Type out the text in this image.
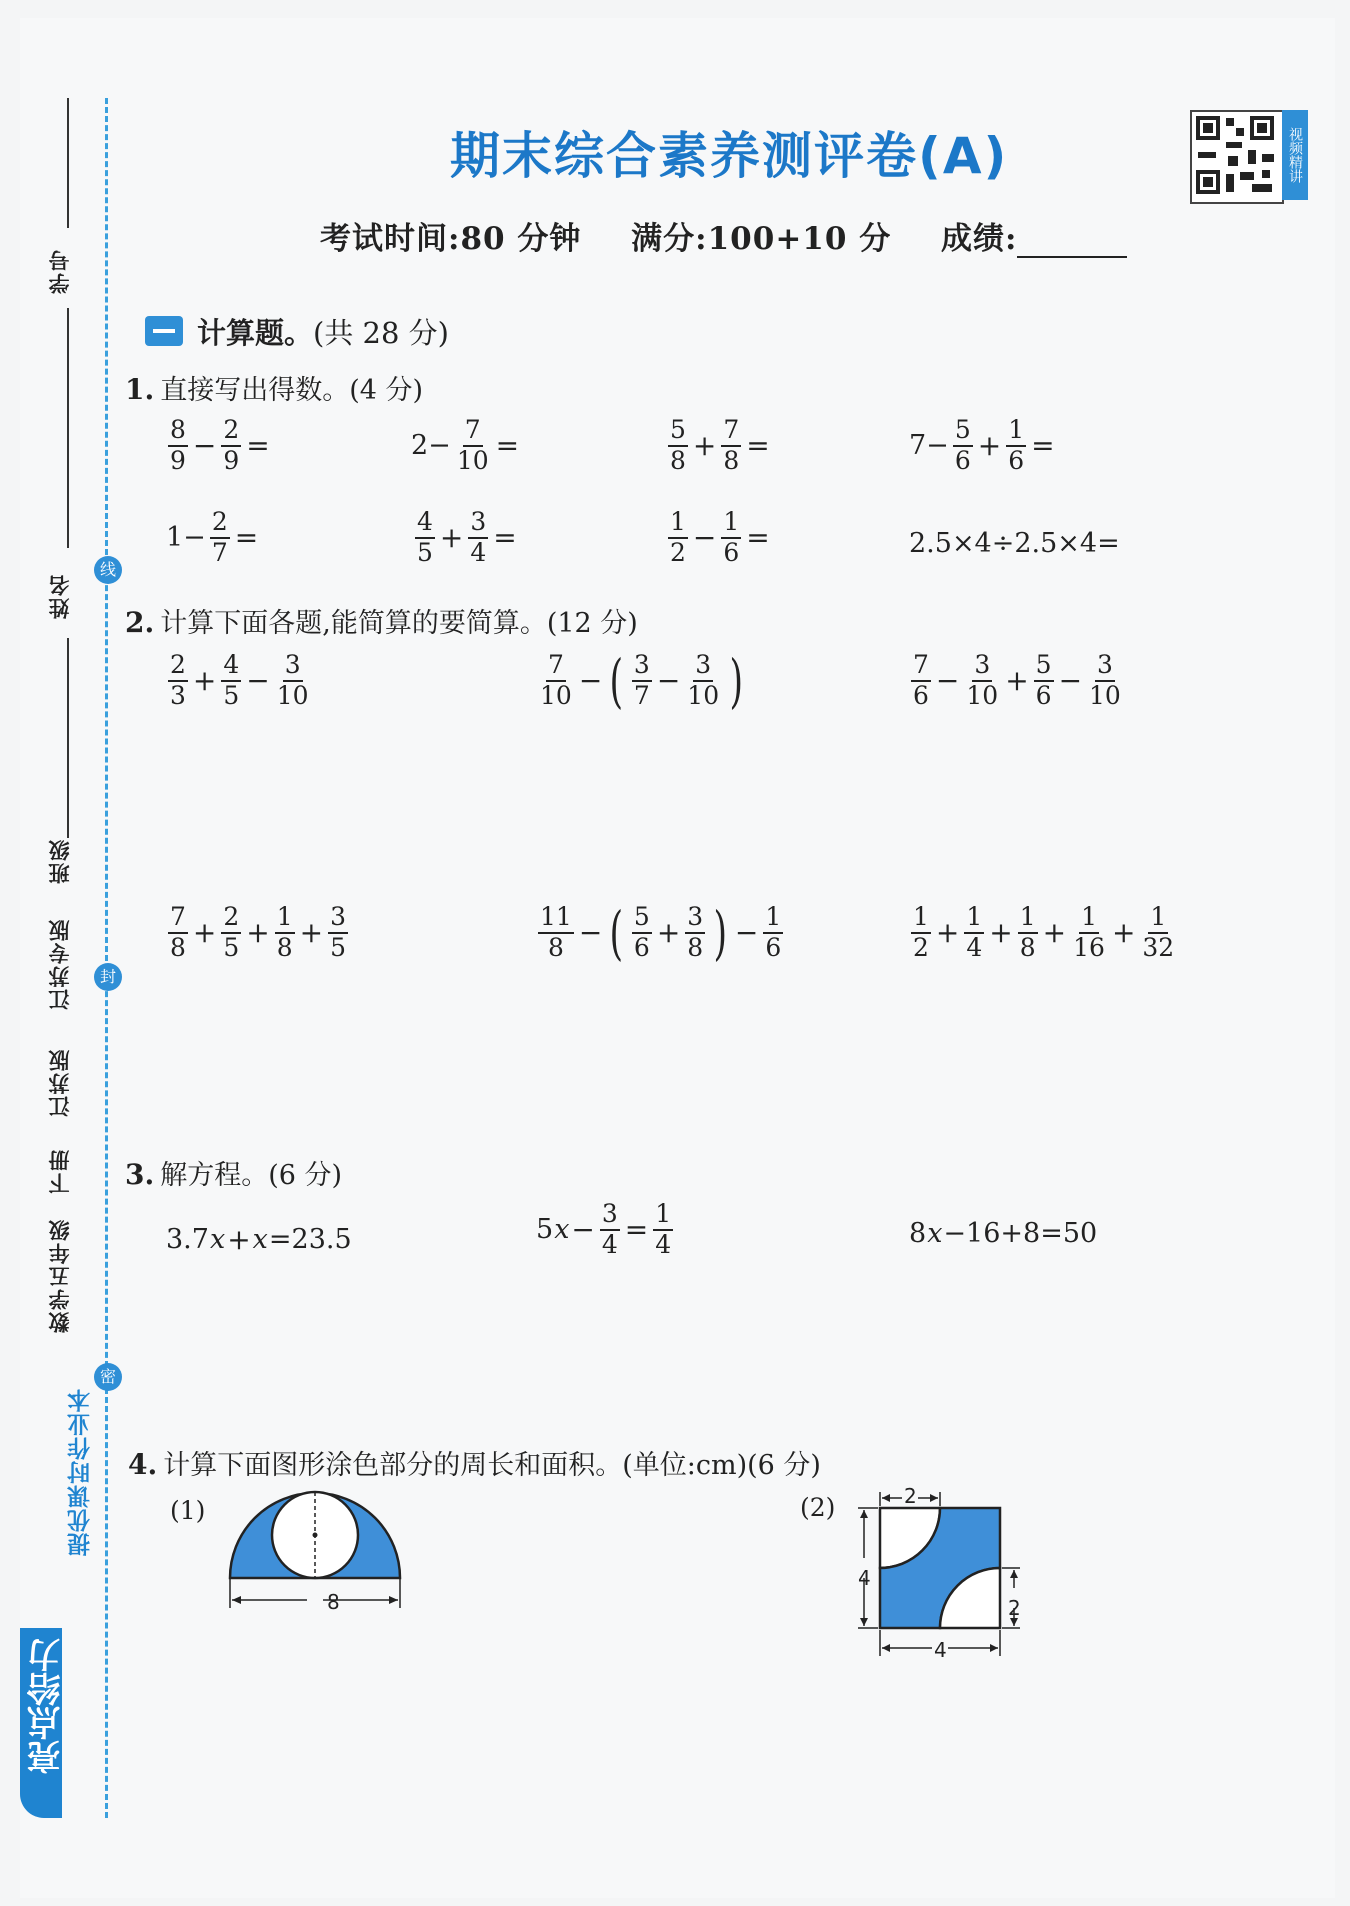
学号
姓名
班级
线
封
密
江苏专版
江苏版
下册
数学五年级
提优课时作业本
亮点给力
期末综合素养测评卷(A)	视频精讲
考试时间:80 分钟 满分:100+10 分 成绩:
计算题。(共 28 分)
1. 直接写出得数。(4 分)
$\frac{8}{9} - \frac{2}{9}$ =	$2- \frac{7}{10}$ =	$\frac{5}{8} + \frac{7}{8}$ =	$7- \frac{5}{6} + \frac{1}{6}$ =
$1- \frac{2}{7}$ =	$\frac{4}{5} + \frac{3}{4}$ =	$\frac{1}{2} - \frac{1}{6}$ =	2.5×4÷2.5×4=
2. 计算下面各题,能简算的要简算。(12 分)
$\frac{2}{3} + \frac{4}{5} - \frac{3}{10}$	$\frac{7}{10}$ − ( $\frac{3}{7} - \frac{3}{10}$ )	$\frac{7}{6} - \frac{3}{10} + \frac{5}{6} - \frac{3}{10}$
$\frac{7}{8} + \frac{2}{5} + \frac{1}{8} + \frac{3}{5}$	$\frac{11}{8}$ − ( $\frac{5}{6} + \frac{3}{8}$ ) − $\frac{1}{6}$	$\frac{1}{2} + \frac{1}{4} + \frac{1}{8} + \frac{1}{16} + \frac{1}{32}$
3. 解方程。(6 分)
3.7 x + x =23.5	5 $x - \frac{3}{4} = \frac{1}{4}$	8 x −16+8=50
4. 计算下面图形涂色部分的周长和面积。(单位:cm)(6 分)
(1)
8
(2)	2
4
2
4
